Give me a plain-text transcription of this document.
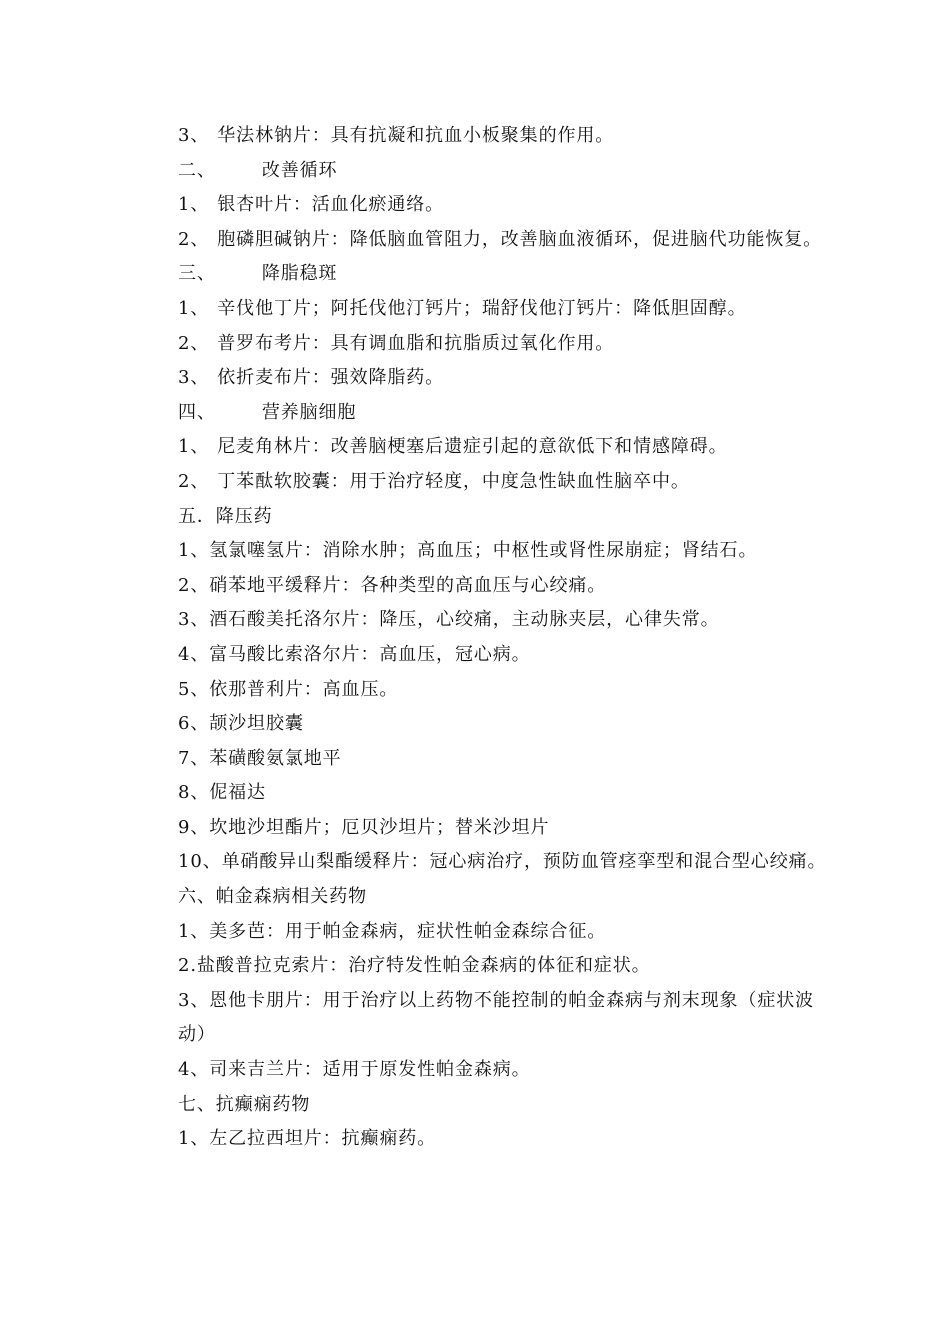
3、 华法林钠片：具有抗凝和抗血小板聚集的作用。
二、	改善循环
1、 银杏叶片：活血化瘀通络。
2、 胞磷胆碱钠片：降低脑血管阻力，改善脑血液循环，促进脑代功能恢复。
三、	降脂稳斑
1、 辛伐他丁片；阿托伐他汀钙片；瑞舒伐他汀钙片：降低胆固醇。
2、 普罗布考片：具有调血脂和抗脂质过氧化作用。
3、 依折麦布片：强效降脂药。
四、	营养脑细胞
1、 尼麦角林片：改善脑梗塞后遗症引起的意欲低下和情感障碍。
2、 丁苯酞软胶囊：用于治疗轻度，中度急性缺血性脑卒中。
五．降压药
1、氢氯噻氢片：消除水肿；高血压；中枢性或肾性尿崩症；肾结石。
2、硝苯地平缓释片：各种类型的高血压与心绞痛。
3、酒石酸美托洛尔片：降压，心绞痛，主动脉夹层，心律失常。
4、富马酸比索洛尔片：高血压，冠心病。
5、依那普利片：高血压。
6、颉沙坦胶囊
7、苯磺酸氨氯地平
8、伲福达
9、坎地沙坦酯片；厄贝沙坦片；替米沙坦片
10、单硝酸异山梨酯缓释片：冠心病治疗，预防血管痉挛型和混合型心绞痛。
六、帕金森病相关药物
1、美多芭：用于帕金森病，症状性帕金森综合征。
2.盐酸普拉克索片：治疗特发性帕金森病的体征和症状。
3、恩他卡朋片：用于治疗以上药物不能控制的帕金森病与剂末现象（症状波动）
4、司来吉兰片：适用于原发性帕金森病。
七、抗癫痫药物
1、左乙拉西坦片：抗癫痫药。
